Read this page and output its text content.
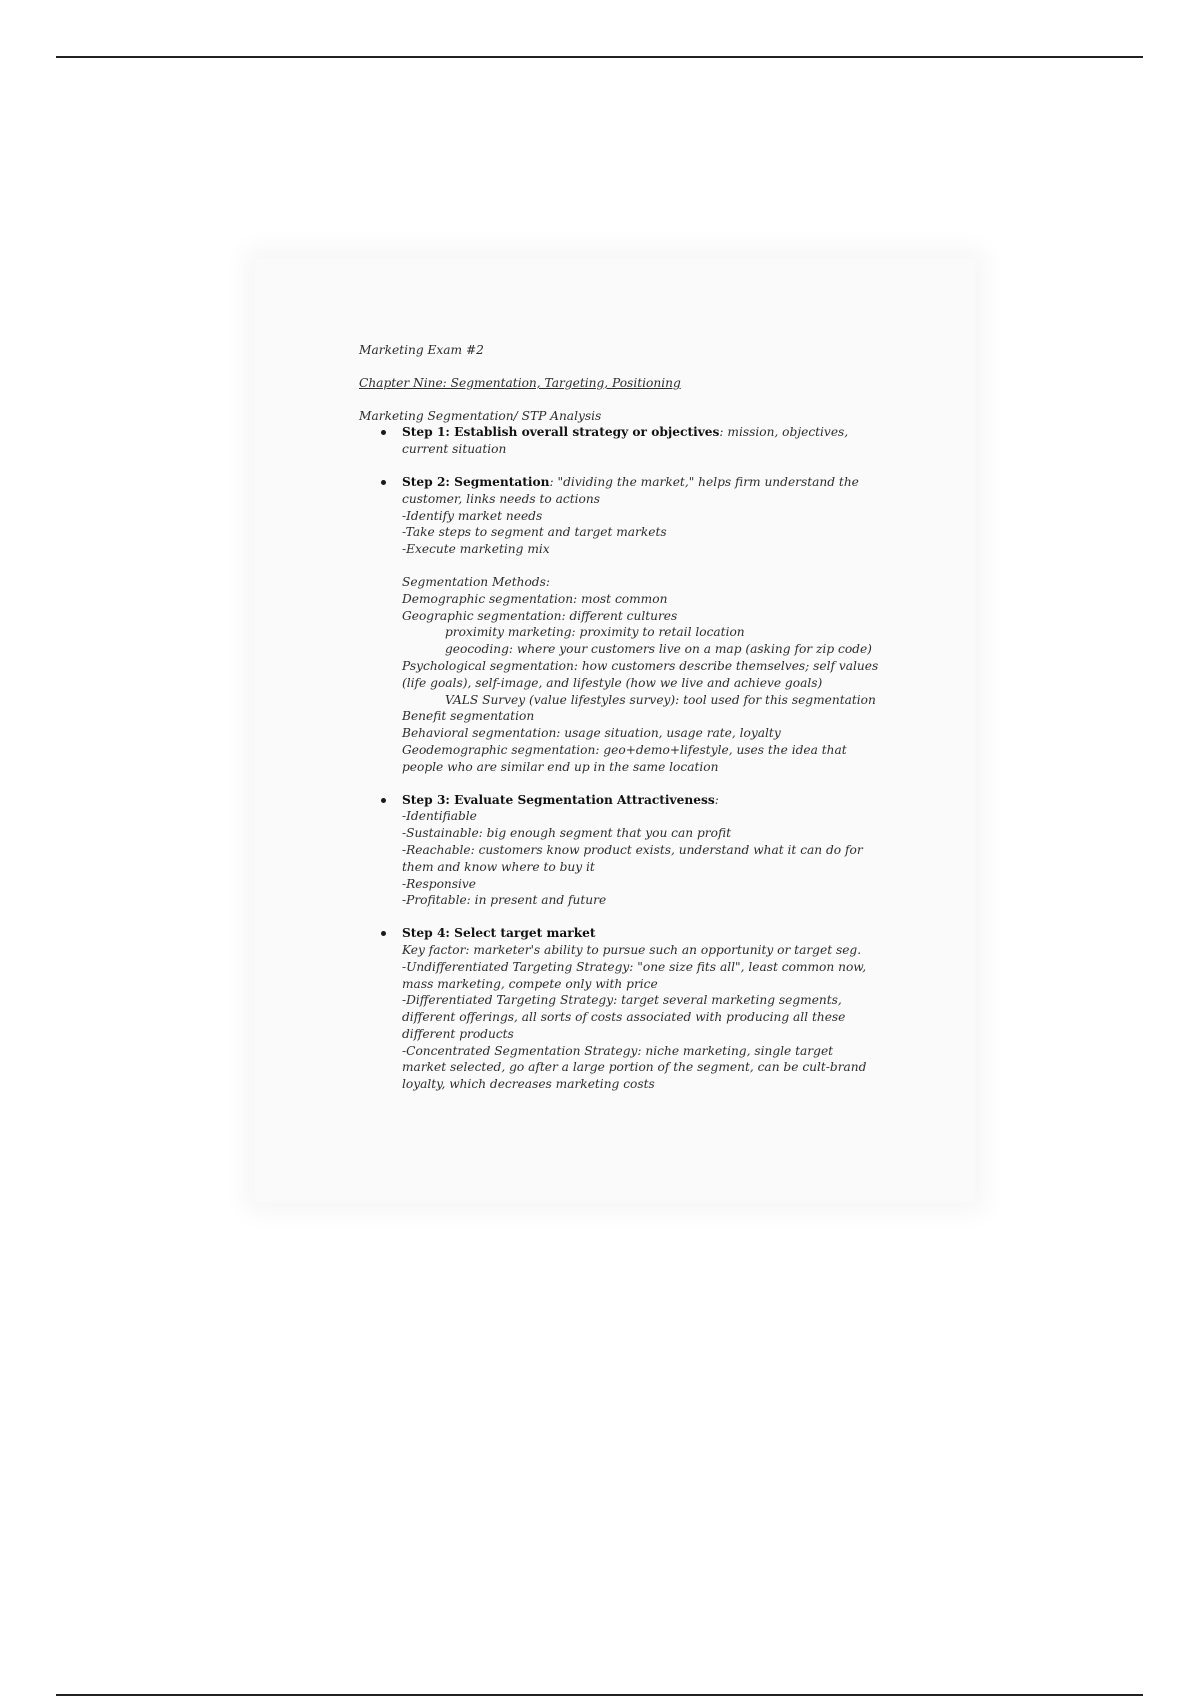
Marketing Exam #2

Chapter Nine: Segmentation, Targeting, Positioning

Marketing Segmentation/ STP Analysis

Step 1: Establish overall strategy or objectives: mission, objectives, current situation
Step 2: Segmentation: "dividing the market," helps firm understand the customer, links needs to actions

-Identify market needs

-Take steps to segment and target markets

-Execute marketing mix

Segmentation Methods:

Demographic segmentation: most common

Geographic segmentation: different cultures

proximity marketing: proximity to retail location

geocoding: where your customers live on a map (asking for zip code)

Psychological segmentation: how customers describe themselves; self values (life goals), self-image, and lifestyle (how we live and achieve goals)

VALS Survey (value lifestyles survey): tool used for this segmentation

Benefit segmentation

Behavioral segmentation: usage situation, usage rate, loyalty

Geodemographic segmentation: geo+demo+lifestyle, uses the idea that people who are similar end up in the same location

Step 3: Evaluate Segmentation Attractiveness:

-Identifiable

-Sustainable: big enough segment that you can profit

-Reachable: customers know product exists, understand what it can do for them and know where to buy it

-Responsive

-Profitable: in present and future

Step 4: Select target market

Key factor: marketer's ability to pursue such an opportunity or target seg.

-Undifferentiated Targeting Strategy: "one size fits all", least common now, mass marketing, compete only with price

-Differentiated Targeting Strategy: target several marketing segments, different offerings, all sorts of costs associated with producing all these different products

-Concentrated Segmentation Strategy: niche marketing, single target market selected, go after a large portion of the segment, can be cult-brand loyalty, which decreases marketing costs
